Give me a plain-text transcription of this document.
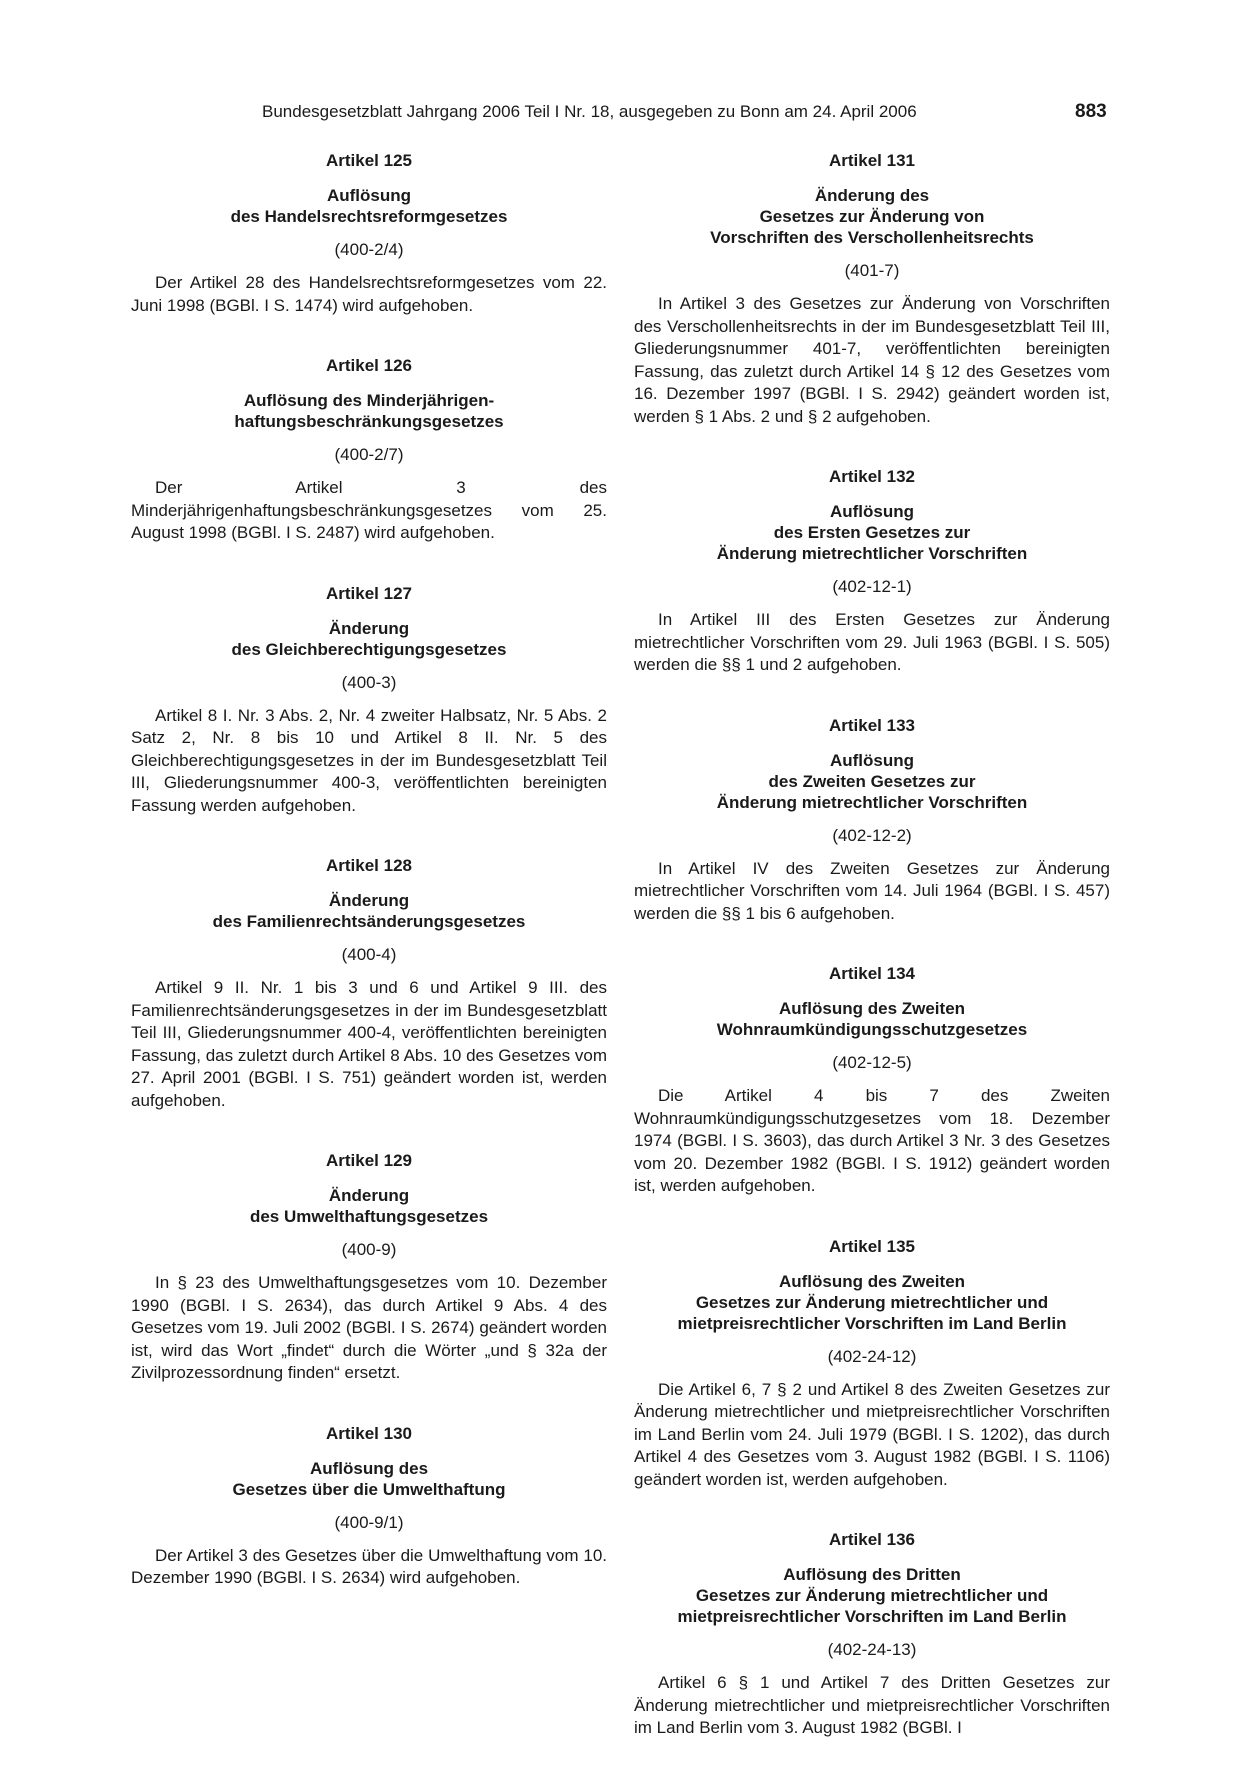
Bundesgesetzblatt Jahrgang 2006 Teil I Nr. 18, ausgegeben zu Bonn am 24. April 2006	883
Artikel 125
Auflösung
des Handelsrechtsreformgesetzes
(400-2/4)

Der Artikel 28 des Handelsrechtsreformgesetzes vom 22. Juni 1998 (BGBl. I S. 1474) wird aufgehoben.

Artikel 126
Auflösung des Minderjährigen-
haftungsbeschränkungsgesetzes
(400-2/7)

Der Artikel 3 des Minderjährigenhaftungsbeschränkungsgesetzes vom 25. August 1998 (BGBl. I S. 2487) wird aufgehoben.

Artikel 127
Änderung
des Gleichberechtigungsgesetzes
(400-3)

Artikel 8 I. Nr. 3 Abs. 2, Nr. 4 zweiter Halbsatz, Nr. 5 Abs. 2 Satz 2, Nr. 8 bis 10 und Artikel 8 II. Nr. 5 des Gleichberechtigungsgesetzes in der im Bundesgesetzblatt Teil III, Gliederungsnummer 400-3, veröffentlichten bereinigten Fassung werden aufgehoben.

Artikel 128
Änderung
des Familienrechtsänderungsgesetzes
(400-4)

Artikel 9 II. Nr. 1 bis 3 und 6 und Artikel 9 III. des Familienrechtsänderungsgesetzes in der im Bundesgesetzblatt Teil III, Gliederungsnummer 400-4, veröffentlichten bereinigten Fassung, das zuletzt durch Artikel 8 Abs. 10 des Gesetzes vom 27. April 2001 (BGBl. I S. 751) geändert worden ist, werden aufgehoben.

Artikel 129
Änderung
des Umwelthaftungsgesetzes
(400-9)

In § 23 des Umwelthaftungsgesetzes vom 10. Dezember 1990 (BGBl. I S. 2634), das durch Artikel 9 Abs. 4 des Gesetzes vom 19. Juli 2002 (BGBl. I S. 2674) geändert worden ist, wird das Wort „findet“ durch die Wörter „und § 32a der Zivilprozessordnung finden“ ersetzt.

Artikel 130
Auflösung des
Gesetzes über die Umwelthaftung
(400-9/1)

Der Artikel 3 des Gesetzes über die Umwelthaftung vom 10. Dezember 1990 (BGBl. I S. 2634) wird aufgehoben.

Artikel 131
Änderung des
Gesetzes zur Änderung von
Vorschriften des Verschollenheitsrechts
(401-7)

In Artikel 3 des Gesetzes zur Änderung von Vorschriften des Verschollenheitsrechts in der im Bundesgesetzblatt Teil III, Gliederungsnummer 401-7, veröffentlichten bereinigten Fassung, das zuletzt durch Artikel 14 § 12 des Gesetzes vom 16. Dezember 1997 (BGBl. I S. 2942) geändert worden ist, werden § 1 Abs. 2 und § 2 aufgehoben.

Artikel 132
Auflösung
des Ersten Gesetzes zur
Änderung mietrechtlicher Vorschriften
(402-12-1)

In Artikel III des Ersten Gesetzes zur Änderung mietrechtlicher Vorschriften vom 29. Juli 1963 (BGBl. I S. 505) werden die §§ 1 und 2 aufgehoben.

Artikel 133
Auflösung
des Zweiten Gesetzes zur
Änderung mietrechtlicher Vorschriften
(402-12-2)

In Artikel IV des Zweiten Gesetzes zur Änderung mietrechtlicher Vorschriften vom 14. Juli 1964 (BGBl. I S. 457) werden die §§ 1 bis 6 aufgehoben.

Artikel 134
Auflösung des Zweiten
Wohnraumkündigungsschutzgesetzes
(402-12-5)

Die Artikel 4 bis 7 des Zweiten Wohnraumkündigungsschutzgesetzes vom 18. Dezember 1974 (BGBl. I S. 3603), das durch Artikel 3 Nr. 3 des Gesetzes vom 20. Dezember 1982 (BGBl. I S. 1912) geändert worden ist, werden aufgehoben.

Artikel 135
Auflösung des Zweiten
Gesetzes zur Änderung mietrechtlicher und
mietpreisrechtlicher Vorschriften im Land Berlin
(402-24-12)

Die Artikel 6, 7 § 2 und Artikel 8 des Zweiten Gesetzes zur Änderung mietrechtlicher und mietpreisrechtlicher Vorschriften im Land Berlin vom 24. Juli 1979 (BGBl. I S. 1202), das durch Artikel 4 des Gesetzes vom 3. August 1982 (BGBl. I S. 1106) geändert worden ist, werden aufgehoben.

Artikel 136
Auflösung des Dritten
Gesetzes zur Änderung mietrechtlicher und
mietpreisrechtlicher Vorschriften im Land Berlin
(402-24-13)

Artikel 6 § 1 und Artikel 7 des Dritten Gesetzes zur Änderung mietrechtlicher und mietpreisrechtlicher Vorschriften im Land Berlin vom 3. August 1982 (BGBl. I
